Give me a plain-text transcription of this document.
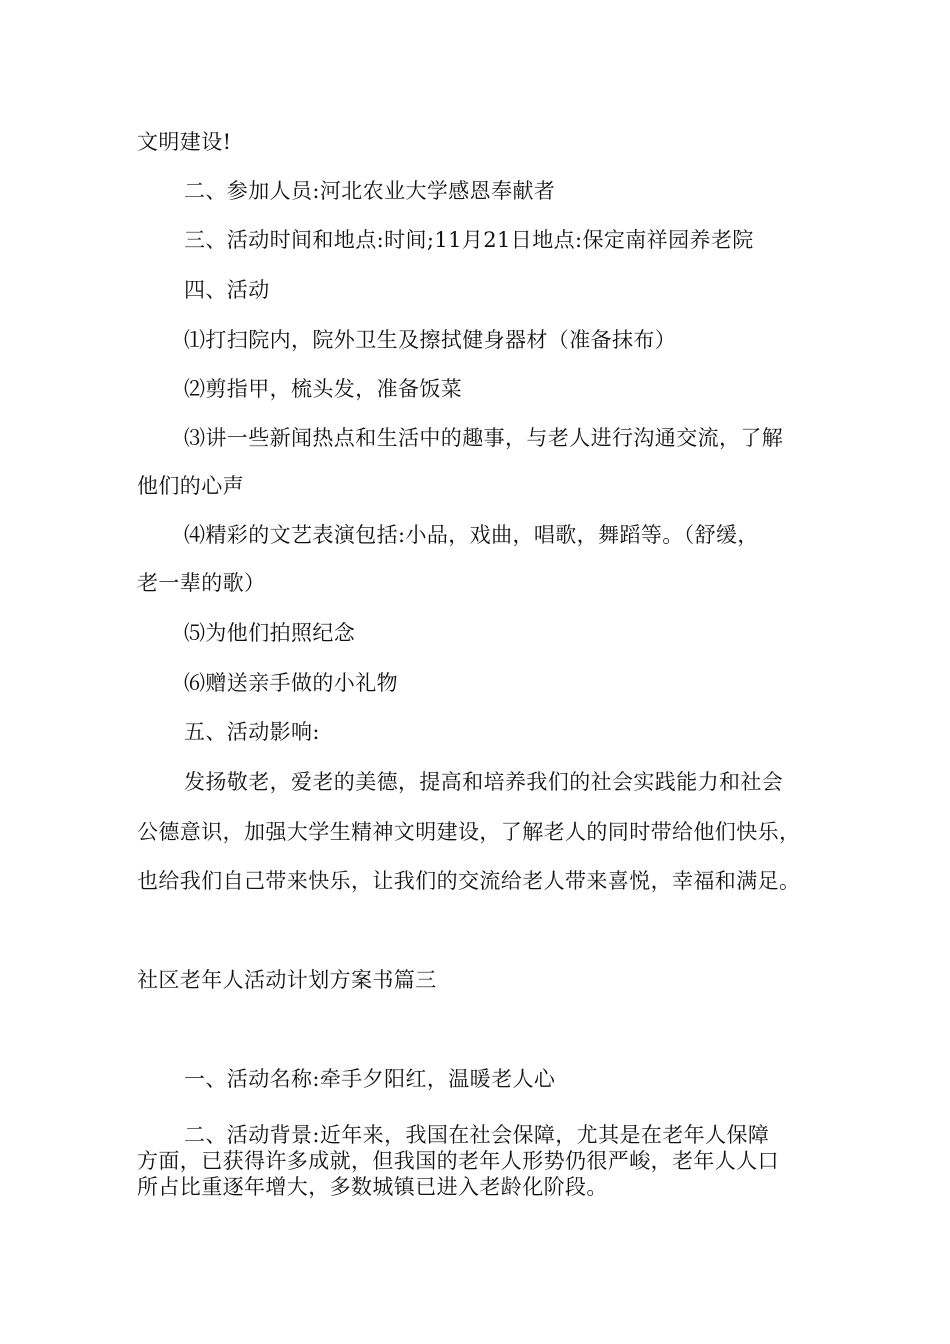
文明建设!

二、参加人员:河北农业大学感恩奉献者

三、活动时间和地点:时间;11月21日地点:保定南祥园养老院

四、活动

⑴打扫院内，院外卫生及擦拭健身器材（准备抹布）

⑵剪指甲，梳头发，准备饭菜

⑶讲一些新闻热点和生活中的趣事，与老人进行沟通交流，了解

他们的心声

⑷精彩的文艺表演包括:小品，戏曲，唱歌，舞蹈等。（舒缓，

老一辈的歌）

⑸为他们拍照纪念

⑹赠送亲手做的小礼物

五、活动影响:

发扬敬老，爱老的美德，提高和培养我们的社会实践能力和社会

公德意识，加强大学生精神文明建设，了解老人的同时带给他们快乐，

也给我们自己带来快乐，让我们的交流给老人带来喜悦，幸福和满足。

社区老年人活动计划方案书篇三

一、活动名称:牵手夕阳红，温暖老人心

二、活动背景:近年来，我国在社会保障，尤其是在老年人保障

方面，已获得许多成就，但我国的老年人形势仍很严峻，老年人人口

所占比重逐年增大，多数城镇已进入老龄化阶段。
